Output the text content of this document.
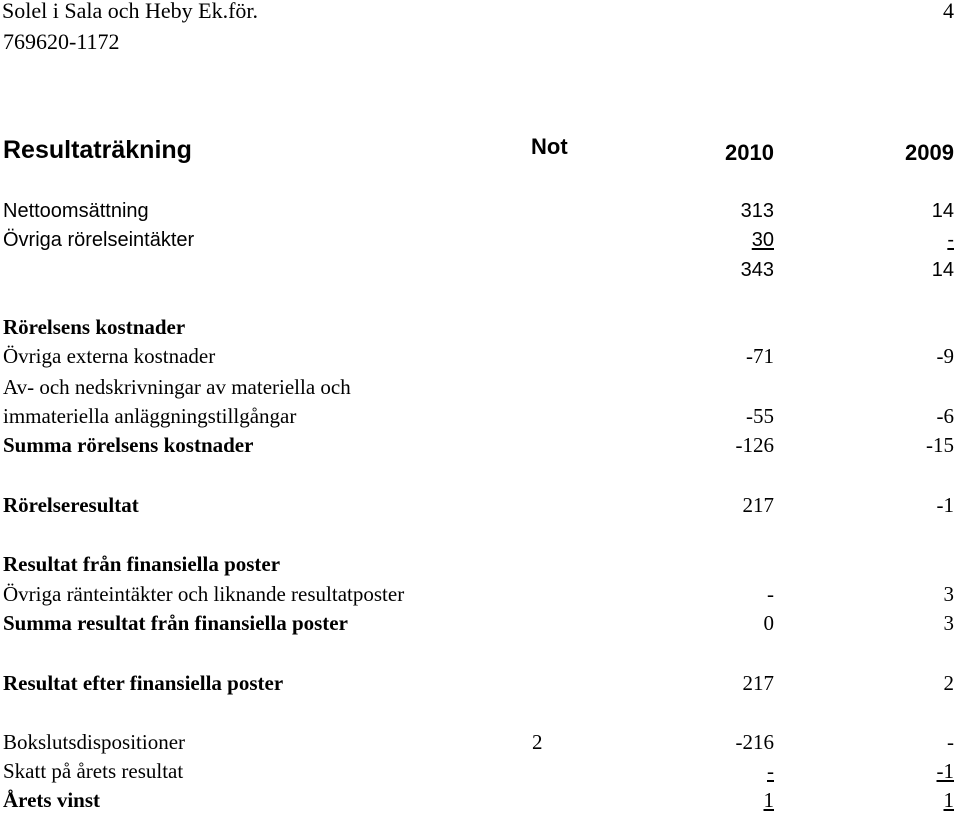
Solel i Sala och Heby Ek.för.
769620-1172
4
Resultaträkning	Not	2010	2009
Nettoomsättning	313	14
Övriga rörelseintäkter	30	-
343	14
Rörelsens kostnader
Övriga externa kostnader	-71	-9
Av- och nedskrivningar av materiella och
immateriella anläggningstillgångar	-55	-6
Summa rörelsens kostnader	-126	-15
Rörelseresultat	217	-1
Resultat från finansiella poster
Övriga ränteintäkter och liknande resultatposter	-	3
Summa resultat från finansiella poster	0	3
Resultat efter finansiella poster	217	2
Bokslutsdispositioner	2	-216	-
Skatt på årets resultat	-	-1
Årets vinst	1	1
